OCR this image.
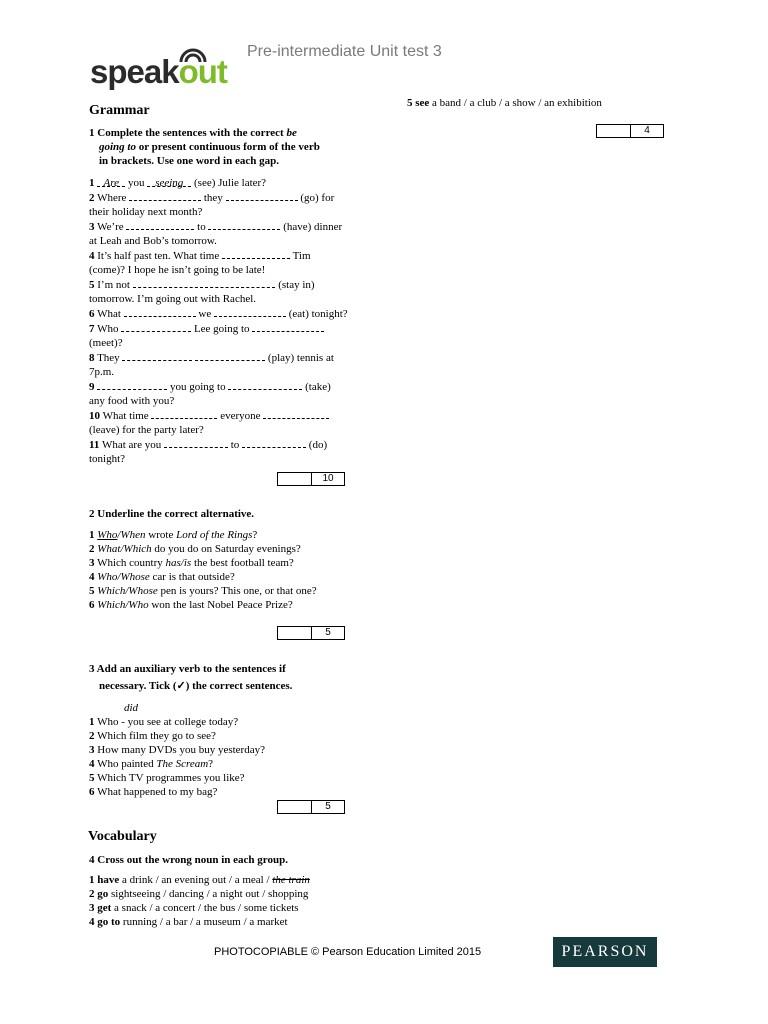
speakout
Pre-intermediate Unit test 3
Grammar
1 Complete the sentences with the correct be
going to or present continuous form of the verb
in brackets. Use one word in each gap.
1 Are you seeing (see) Julie later?
2 Where	they	(go) for
their holiday next month?
3 We’re	to	(have) dinner
at Leah and Bob’s tomorrow.
4 It’s half past ten. What time	Tim
(come)? I hope he isn’t going to be late!
5 I’m not	(stay in)
tomorrow. I’m going out with Rachel.
6 What	we	(eat) tonight?
7 Who	Lee going to
(meet)?
8 They	(play) tennis at
7p.m.
9	you going to	(take)
any food with you?
10 What time	everyone
(leave) for the party later?
11 What are you	to	(do)
tonight?
10
2 Underline the correct alternative.
1 Who/When wrote Lord of the Rings?
2 What/Which do you do on Saturday evenings?
3 Which country has/is the best football team?
4 Who/Whose car is that outside?
5 Which/Whose pen is yours? This one, or that one?
6 Which/Who won the last Nobel Peace Prize?
5
3 Add an auxiliary verb to the sentences if
necessary. Tick (✓) the correct sentences.
did
1 Who - you see at college today?
2 Which film they go to see?
3 How many DVDs you buy yesterday?
4 Who painted The Scream?
5 Which TV programmes you like?
6 What happened to my bag?
5
Vocabulary
4 Cross out the wrong noun in each group.
1 have a drink / an evening out / a meal / the train
2 go sightseeing / dancing / a night out / shopping
3 get a snack / a concert / the bus / some tickets
4 go to running / a bar / a museum / a market
5 see a band / a club / a show / an exhibition
4
PHOTOCOPIABLE © Pearson Education Limited 2015	PEARSON
